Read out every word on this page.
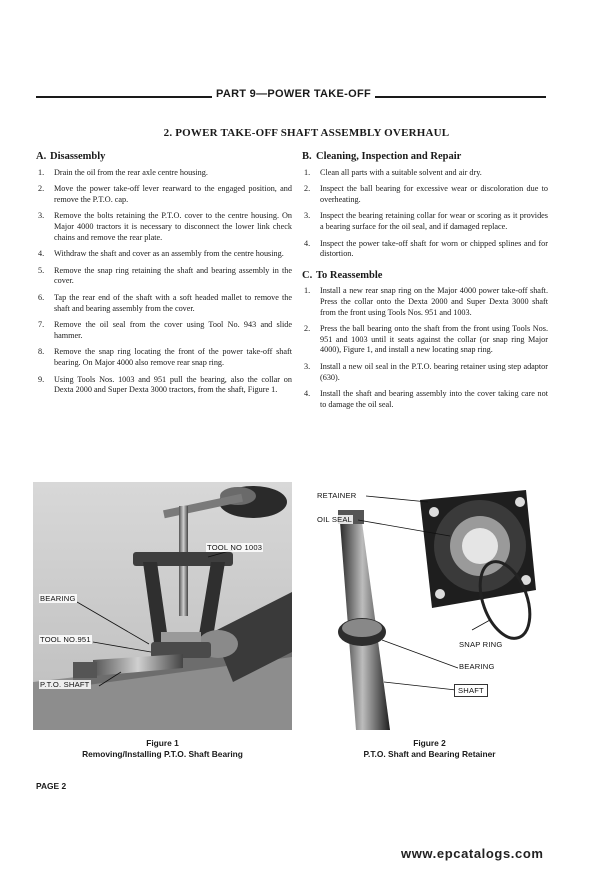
PART 9—POWER TAKE-OFF
2. POWER TAKE-OFF SHAFT ASSEMBLY OVERHAUL
A. Disassembly
1.	Drain the oil from the rear axle centre housing.
2.	Move the power take-off lever rearward to the engaged position, and remove the P.T.O. cap.
3.	Remove the bolts retaining the P.T.O. cover to the centre housing. On Major 4000 tractors it is necessary to disconnect the lower link check chains and remove the rear plate.
4.	Withdraw the shaft and cover as an assembly from the centre housing.
5.	Remove the snap ring retaining the shaft and bearing assembly in the cover.
6.	Tap the rear end of the shaft with a soft headed mallet to remove the shaft and bearing assembly from the cover.
7.	Remove the oil seal from the cover using Tool No. 943 and slide hammer.
8.	Remove the snap ring locating the front of the power take-off shaft bearing. On Major 4000 also remove rear snap ring.
9.	Using Tools Nos. 1003 and 951 pull the bearing, also the collar on Dexta 2000 and Super Dexta 3000 tractors, from the shaft, Figure 1.
B. Cleaning, Inspection and Repair
1.	Clean all parts with a suitable solvent and air dry.
2.	Inspect the ball bearing for excessive wear or discoloration due to overheating.
3.	Inspect the bearing retaining collar for wear or scoring as it provides a bearing surface for the oil seal, and if damaged replace.
4.	Inspect the power take-off shaft for worn or chipped splines and for distortion.
C. To Reassemble
1.	Install a new rear snap ring on the Major 4000 power take-off shaft. Press the collar onto the Dexta 2000 and Super Dexta 3000 shaft from the front using Tools Nos. 951 and 1003.
2.	Press the ball bearing onto the shaft from the front using Tools Nos. 951 and 1003 until it seats against the collar (or snap ring Major 4000), Figure 1, and install a new locating snap ring.
3.	Install a new oil seal in the P.T.O. bearing retainer using step adaptor (630).
4.	Install the shaft and bearing assembly into the cover taking care not to damage the oil seal.
TOOL NO 1003
BEARING
TOOL NO.951
P.T.O. SHAFT
Figure 1
Removing/Installing P.T.O. Shaft Bearing
RETAINER
OIL SEAL
SNAP RING
BEARING
SHAFT
Figure 2
P.T.O. Shaft and Bearing Retainer
PAGE 2
www.epcatalogs.com
